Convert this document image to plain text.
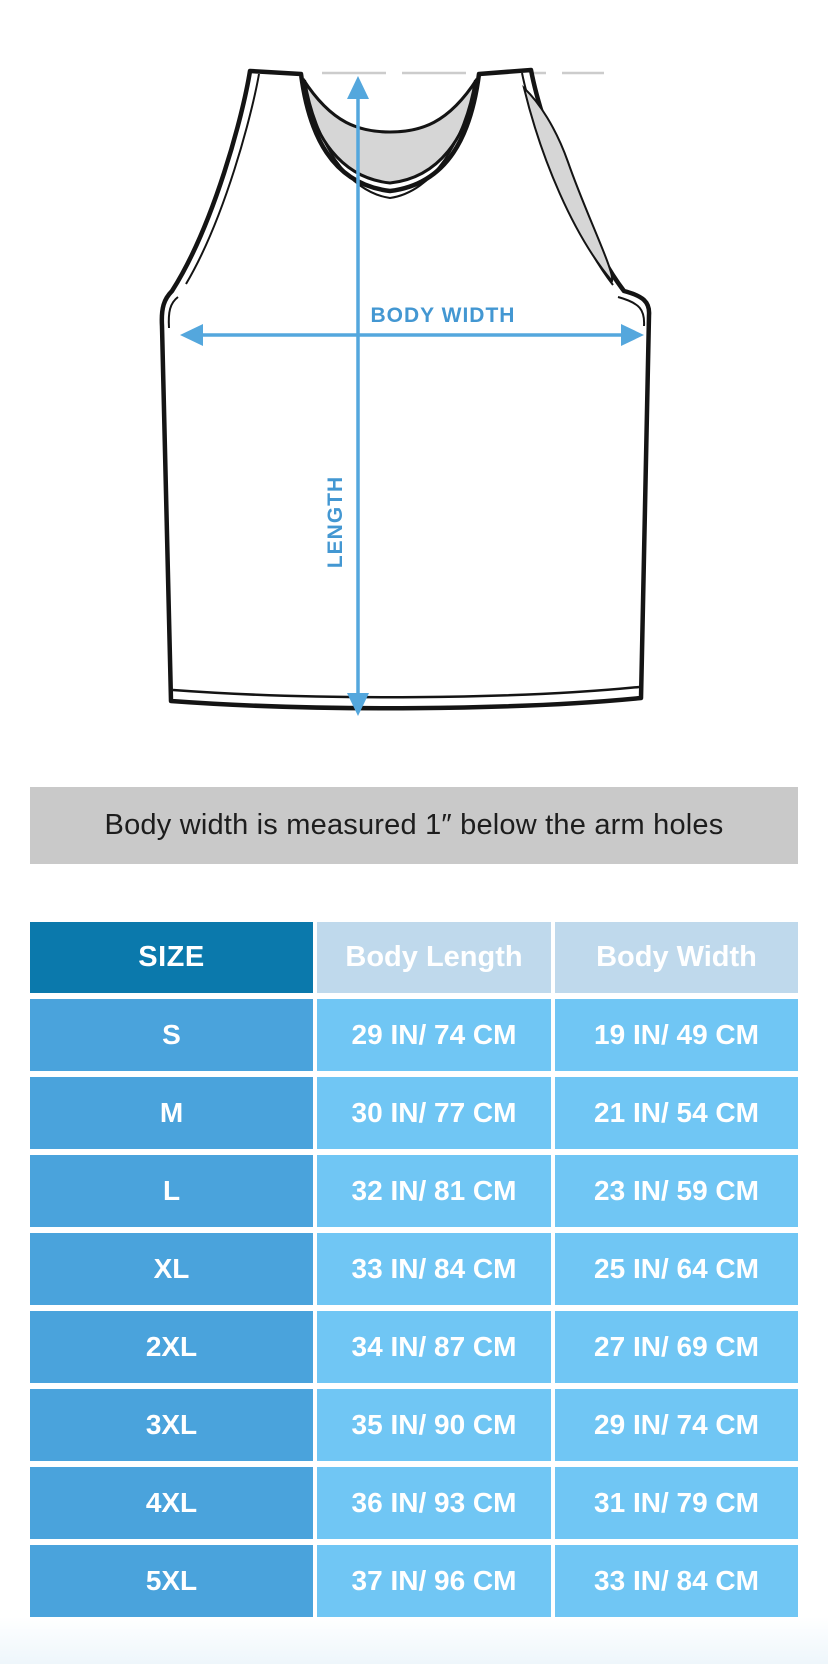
BODY WIDTH
LENGTH
Body width is measured 1″ below the arm holes
SIZE	Body Length	Body Width
S	29 IN/ 74 CM	19 IN/ 49 CM
M	30 IN/ 77 CM	21 IN/ 54 CM
L	32 IN/ 81 CM	23 IN/ 59 CM
XL	33 IN/ 84 CM	25 IN/ 64 CM
2XL	34 IN/ 87 CM	27 IN/ 69 CM
3XL	35 IN/ 90 CM	29 IN/ 74 CM
4XL	36 IN/ 93 CM	31 IN/ 79 CM
5XL	37 IN/ 96 CM	33 IN/ 84 CM
